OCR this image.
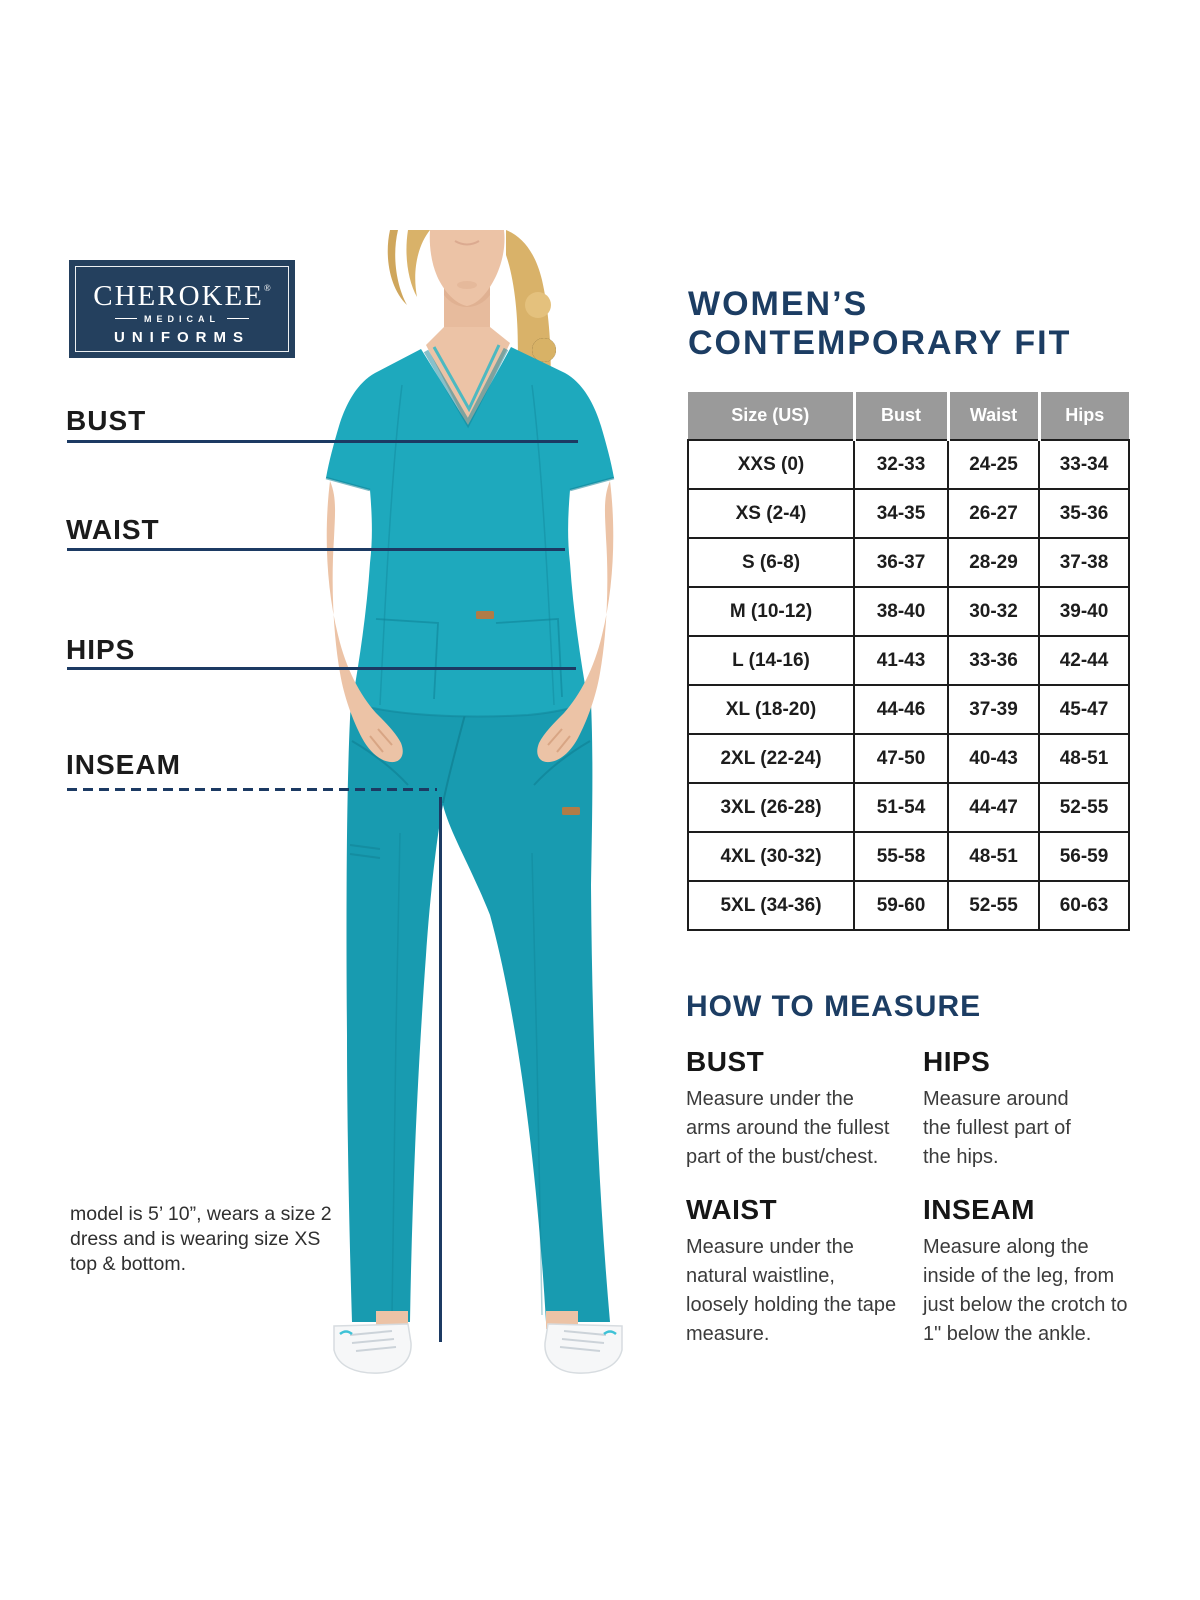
CHEROKEE®
MEDICAL
UNIFORMS
BUST
WAIST
HIPS
INSEAM
WOMEN’S
CONTEMPORARY FIT
Size (US)	Bust	Waist	Hips
XXS (0)	32-33	24-25	33-34
XS (2-4)	34-35	26-27	35-36
S (6-8)	36-37	28-29	37-38
M (10-12)	38-40	30-32	39-40
L (14-16)	41-43	33-36	42-44
XL (18-20)	44-46	37-39	45-47
2XL (22-24)	47-50	40-43	48-51
3XL (26-28)	51-54	44-47	52-55
4XL (30-32)	55-58	48-51	56-59
5XL (34-36)	59-60	52-55	60-63
HOW TO MEASURE
BUST

Measure under the arms around the fullest part of the bust/chest.

HIPS

Measure around the fullest part of the hips.

WAIST

Measure under the natural waistline, loosely holding the tape measure.

INSEAM

Measure along the inside of the leg, from just below the crotch to 1" below the ankle.

model is 5’ 10”, wears a size 2 dress and is wearing size XS top & bottom.
